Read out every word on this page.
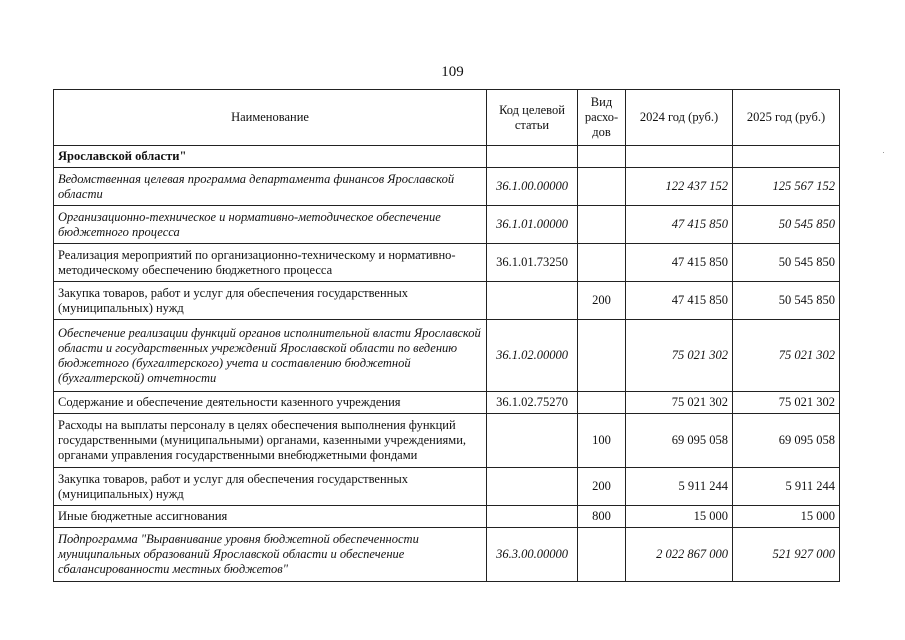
109
Наименование	Код целевой статьи	Вид расхо-дов	2024 год (руб.)	2025 год (руб.)
Ярославской области"				
Ведомственная целевая программа департамента финансов Ярославской области	36.1.00.00000		122 437 152	125 567 152
Организационно-техническое и нормативно-методическое обеспечение бюджетного процесса	36.1.01.00000		47 415 850	50 545 850
Реализация мероприятий по организационно-техническому и нормативно-методическому обеспечению бюджетного процесса	36.1.01.73250		47 415 850	50 545 850
Закупка товаров, работ и услуг для обеспечения государственных (муниципальных) нужд		200	47 415 850	50 545 850
Обеспечение реализации функций органов исполнительной власти Ярославской области и государственных учреждений Ярославской области по ведению бюджетного (бухгалтерского) учета и составлению бюджетной (бухгалтерской) отчетности	36.1.02.00000		75 021 302	75 021 302
Содержание и обеспечение деятельности казенного учреждения	36.1.02.75270		75 021 302	75 021 302
Расходы на выплаты персоналу в целях обеспечения выполнения функций государственными (муниципальными) органами, казенными учреждениями, органами управления государственными внебюджетными фондами		100	69 095 058	69 095 058
Закупка товаров, работ и услуг для обеспечения государственных (муниципальных) нужд		200	5 911 244	5 911 244
Иные бюджетные ассигнования		800	15 000	15 000
Подпрограмма "Выравнивание уровня бюджетной обеспеченности муниципальных образований Ярославской области и обеспечение сбалансированности местных бюджетов"	36.3.00.00000		2 022 867 000	521 927 000
